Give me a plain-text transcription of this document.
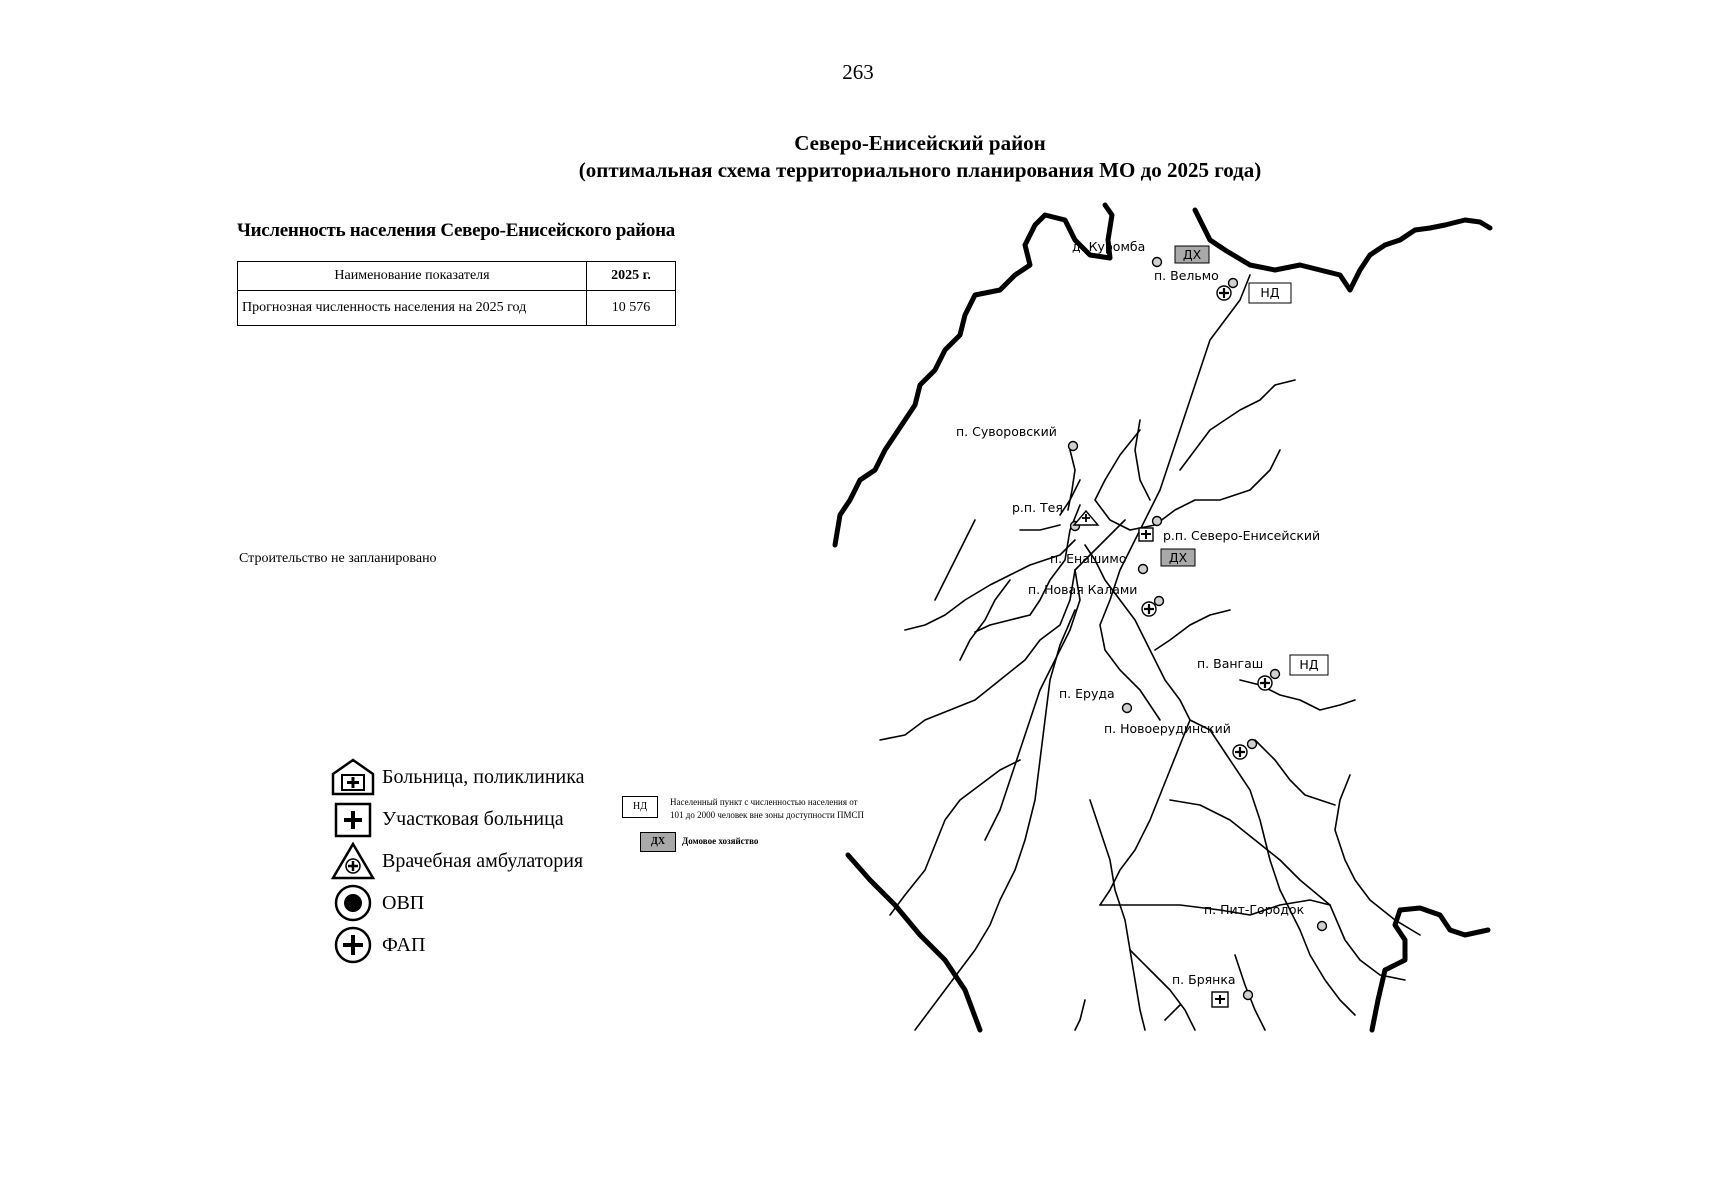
263
Северо-Енисейский район
(оптимальная схема территориального планирования МО до 2025 года)
Численность населения Северо-Енисейского района
Наименование показателя	2025 г.
Прогнозная численность населения на 2025 год	10 576
Строительство не запланировано
ДХ
НД
ДХ
НД
д. Куромба
п. Вельмо
п. Суворовский
р.п. Тея
р.п. Северо-Енисейский
п. Енашимо
п. Новая Калами
п. Вангаш
п. Еруда
п. Новоерудинский
п. Пит-Городок
п. Брянка
Больница, поликлиника
Участковая больница
Врачебная амбулатория
ОВП
ФАП
НД	Населенный пункт с численностью населения от 101 до 2000 человек вне зоны доступности ПМСП
ДХ	Домовое хозяйство
